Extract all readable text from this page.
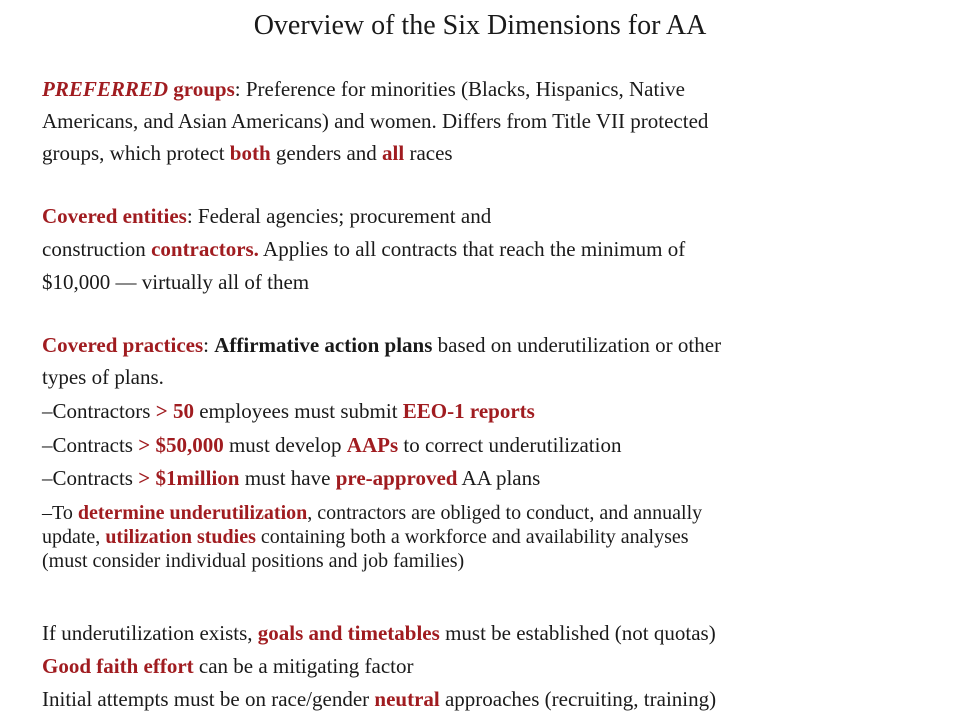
Overview of the Six Dimensions for AA
PREFERRED groups: Preference for minorities (Blacks, Hispanics, Native
Americans, and Asian Americans) and women. Differs from Title VII protected
groups, which protect both genders and all races
Covered entities: Federal agencies; procurement and
construction contractors. Applies to all contracts that reach the minimum of
$10,000 — virtually all of them
Covered practices: Affirmative action plans based on underutilization or other
types of plans.
–Contractors > 50 employees must submit EEO-1 reports
–Contracts > $50,000 must develop AAPs to correct underutilization
–Contracts > $1million must have pre-approved AA plans
–To determine underutilization, contractors are obliged to conduct, and annually
update, utilization studies containing both a workforce and availability analyses
(must consider individual positions and job families)
If underutilization exists, goals and timetables must be established (not quotas)
Good faith effort can be a mitigating factor
Initial attempts must be on race/gender neutral approaches (recruiting, training)
